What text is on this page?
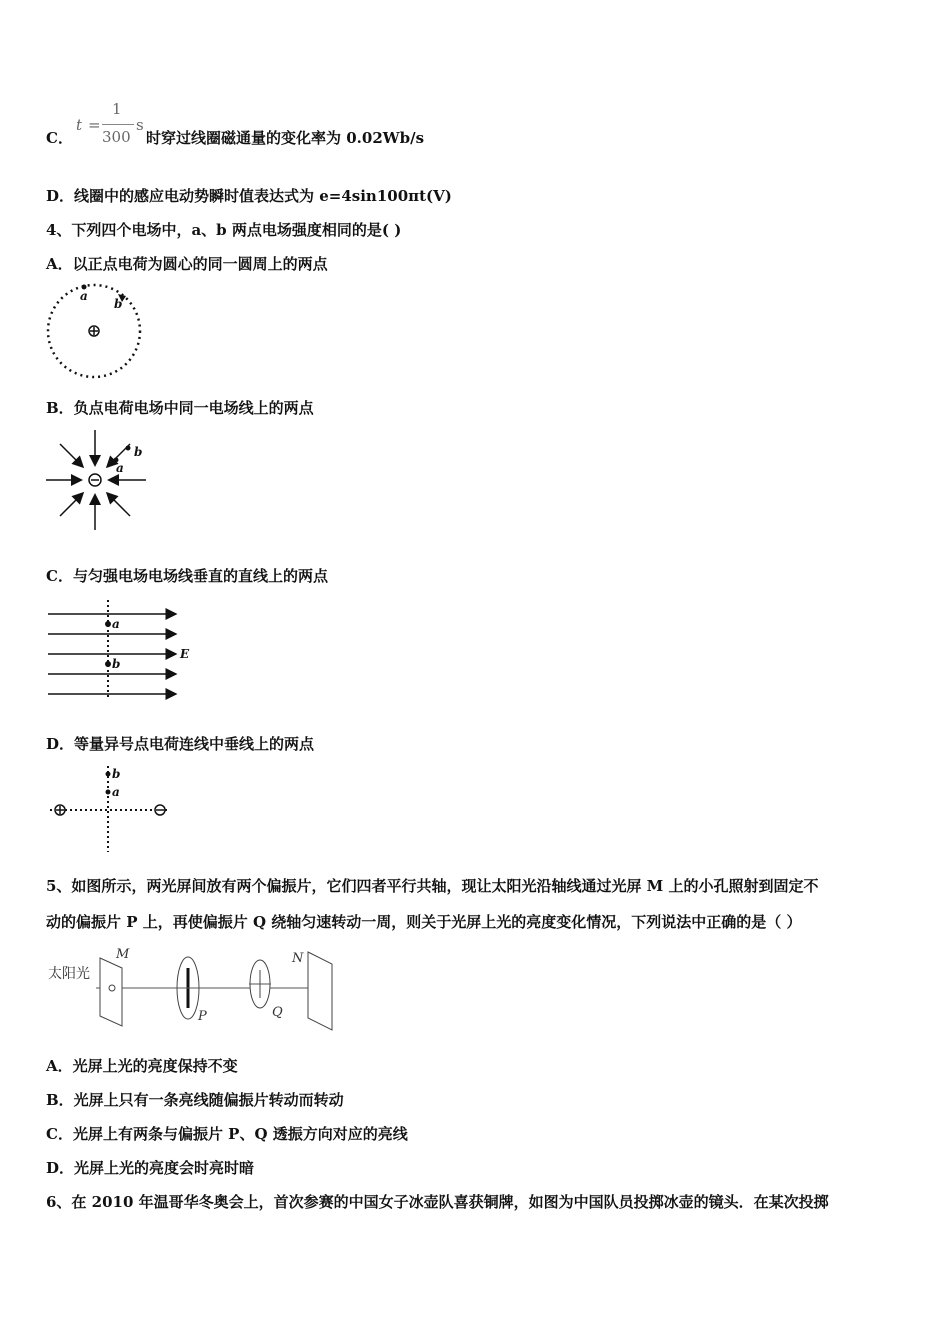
C．
t =
1
300
s
时穿过线圈磁通量的变化率为 0.02Wb/s
D．线圈中的感应电动势瞬时值表达式为 e=4sin100πt(V)
4、下列四个电场中，a、b 两点电场强度相同的是( )
A．以正点电荷为圆心的同一圆周上的两点
a
b
B．负点电荷电场中同一电场线上的两点
b
a
C．与匀强电场电场线垂直的直线上的两点
a
b
E
D．等量异号点电荷连线中垂线上的两点
b
a
5、如图所示，两光屏间放有两个偏振片，它们四者平行共轴，现让太阳光沿轴线通过光屏 M 上的小孔照射到固定不
动的偏振片 P 上，再使偏振片 Q 绕轴匀速转动一周，则关于光屏上光的亮度变化情况，下列说法中正确的是（ ）
太阳光
M
P	Q
N
A．光屏上光的亮度保持不变
B．光屏上只有一条亮线随偏振片转动而转动
C．光屏上有两条与偏振片 P、Q 透振方向对应的亮线
D．光屏上光的亮度会时亮时暗
6、在 2010 年温哥华冬奥会上，首次参赛的中国女子冰壶队喜获铜牌，如图为中国队员投掷冰壶的镜头．在某次投掷
